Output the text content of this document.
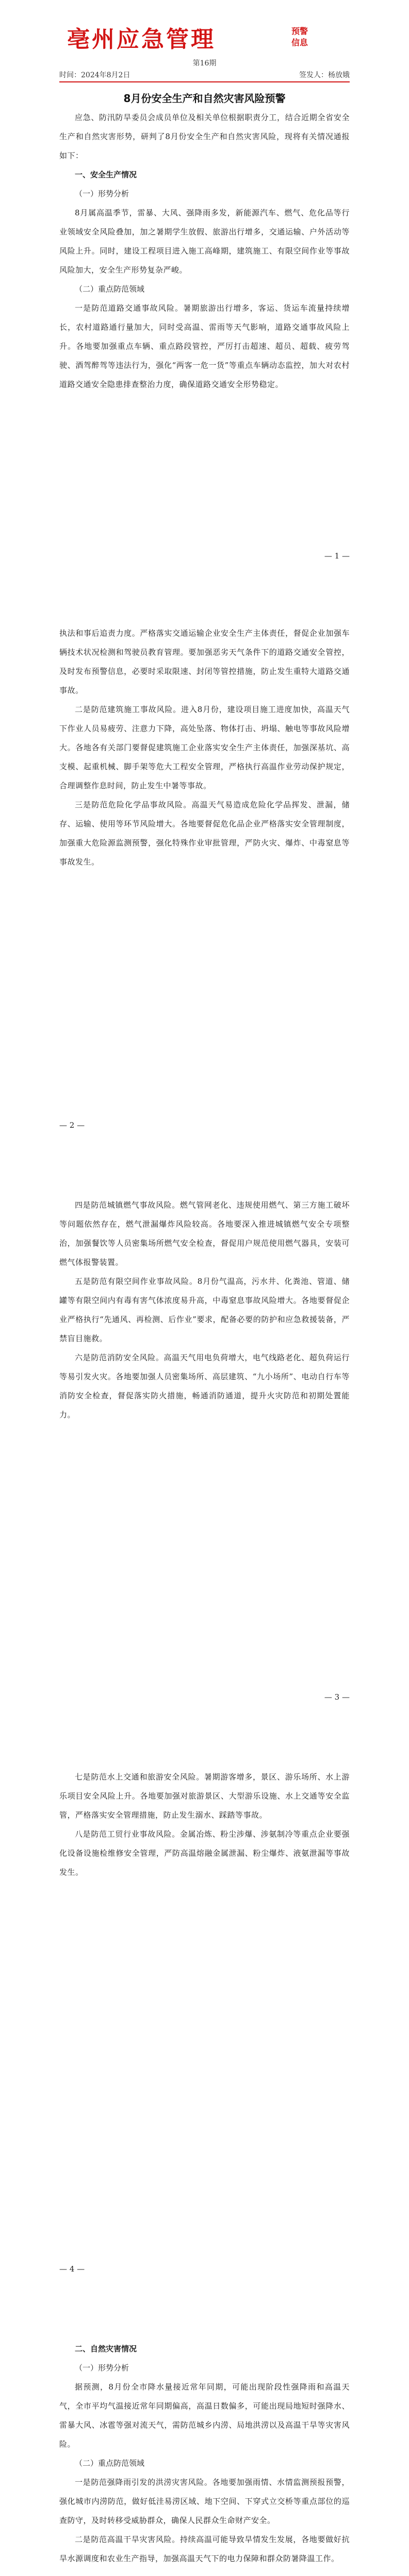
亳州应急管理	预警
信息
第16期
时间：2024年8月2日	签发人：杨放娥
8月份安全生产和自然灾害风险预警

应急、防汛防旱委员会成员单位及相关单位根据职责分工，结合近期全省安全生产和自然灾害形势，研判了8月份安全生产和自然灾害风险，现将有关情况通报如下：

一、安全生产情况

（一）形势分析

8月属高温季节，雷暴、大风、强降雨多发，新能源汽车、燃气、危化品等行业领域安全风险叠加，加之暑期学生放假、旅游出行增多，交通运输、户外活动等风险上升。同时，建设工程项目进入施工高峰期，建筑施工、有限空间作业等事故风险加大，安全生产形势复杂严峻。

（二）重点防范领域

一是防范道路交通事故风险。暑期旅游出行增多，客运、货运车流量持续增长，农村道路通行量加大，同时受高温、雷雨等天气影响，道路交通事故风险上升。各地要加强重点车辆、重点路段管控，严厉打击超速、超员、超载、疲劳驾驶、酒驾醉驾等违法行为，强化“两客一危一货”等重点车辆动态监控，加大对农村道路交通安全隐患排查整治力度，确保道路交通安全形势稳定。

— 1 —

执法和事后追责力度。严格落实交通运输企业安全生产主体责任，督促企业加强车辆技术状况检测和驾驶员教育管理。要加强恶劣天气条件下的道路交通安全管控，及时发布预警信息，必要时采取限速、封闭等管控措施，防止发生重特大道路交通事故。

二是防范建筑施工事故风险。进入8月份，建设项目施工进度加快，高温天气下作业人员易疲劳、注意力下降，高处坠落、物体打击、坍塌、触电等事故风险增大。各地各有关部门要督促建筑施工企业落实安全生产主体责任，加强深基坑、高支模、起重机械、脚手架等危大工程安全管理，严格执行高温作业劳动保护规定，合理调整作息时间，防止发生中暑等事故。

三是防范危险化学品事故风险。高温天气易造成危险化学品挥发、泄漏，储存、运输、使用等环节风险增大。各地要督促危化品企业严格落实安全管理制度，加强重大危险源监测预警，强化特殊作业审批管理，严防火灾、爆炸、中毒窒息等事故发生。

— 2 —

四是防范城镇燃气事故风险。燃气管网老化、违规使用燃气、第三方施工破坏等问题依然存在，燃气泄漏爆炸风险较高。各地要深入推进城镇燃气安全专项整治，加强餐饮等人员密集场所燃气安全检查，督促用户规范使用燃气器具，安装可燃气体报警装置。

五是防范有限空间作业事故风险。8月份气温高，污水井、化粪池、管道、储罐等有限空间内有毒有害气体浓度易升高，中毒窒息事故风险增大。各地要督促企业严格执行“先通风、再检测、后作业”要求，配备必要的防护和应急救援装备，严禁盲目施救。

六是防范消防安全风险。高温天气用电负荷增大，电气线路老化、超负荷运行等易引发火灾。各地要加强人员密集场所、高层建筑、“九小场所”、电动自行车等消防安全检查，督促落实防火措施，畅通消防通道，提升火灾防范和初期处置能力。

— 3 —

七是防范水上交通和旅游安全风险。暑期游客增多，景区、游乐场所、水上游乐项目安全风险上升。各地要加强对旅游景区、大型游乐设施、水上交通等安全监管，严格落实安全管理措施，防止发生溺水、踩踏等事故。

八是防范工贸行业事故风险。金属冶炼、粉尘涉爆、涉氨制冷等重点企业要强化设备设施检维修安全管理，严防高温熔融金属泄漏、粉尘爆炸、液氨泄漏等事故发生。

— 4 —

二、自然灾害情况

（一）形势分析

据预测，8月份全市降水量接近常年同期，可能出现阶段性强降雨和高温天气，全市平均气温接近常年同期偏高，高温日数偏多，可能出现局地短时强降水、雷暴大风、冰雹等强对流天气，需防范城乡内涝、局地洪涝以及高温干旱等灾害风险。

（二）重点防范领域

一是防范强降雨引发的洪涝灾害风险。各地要加强雨情、水情监测预报预警，强化城市内涝防范，做好低洼易涝区域、地下空间、下穿式立交桥等重点部位的巡查防守，及时转移受威胁群众，确保人民群众生命财产安全。

二是防范高温干旱灾害风险。持续高温可能导致旱情发生发展，各地要做好抗旱水源调度和农业生产指导，加强高温天气下的电力保障和群众防暑降温工作。
